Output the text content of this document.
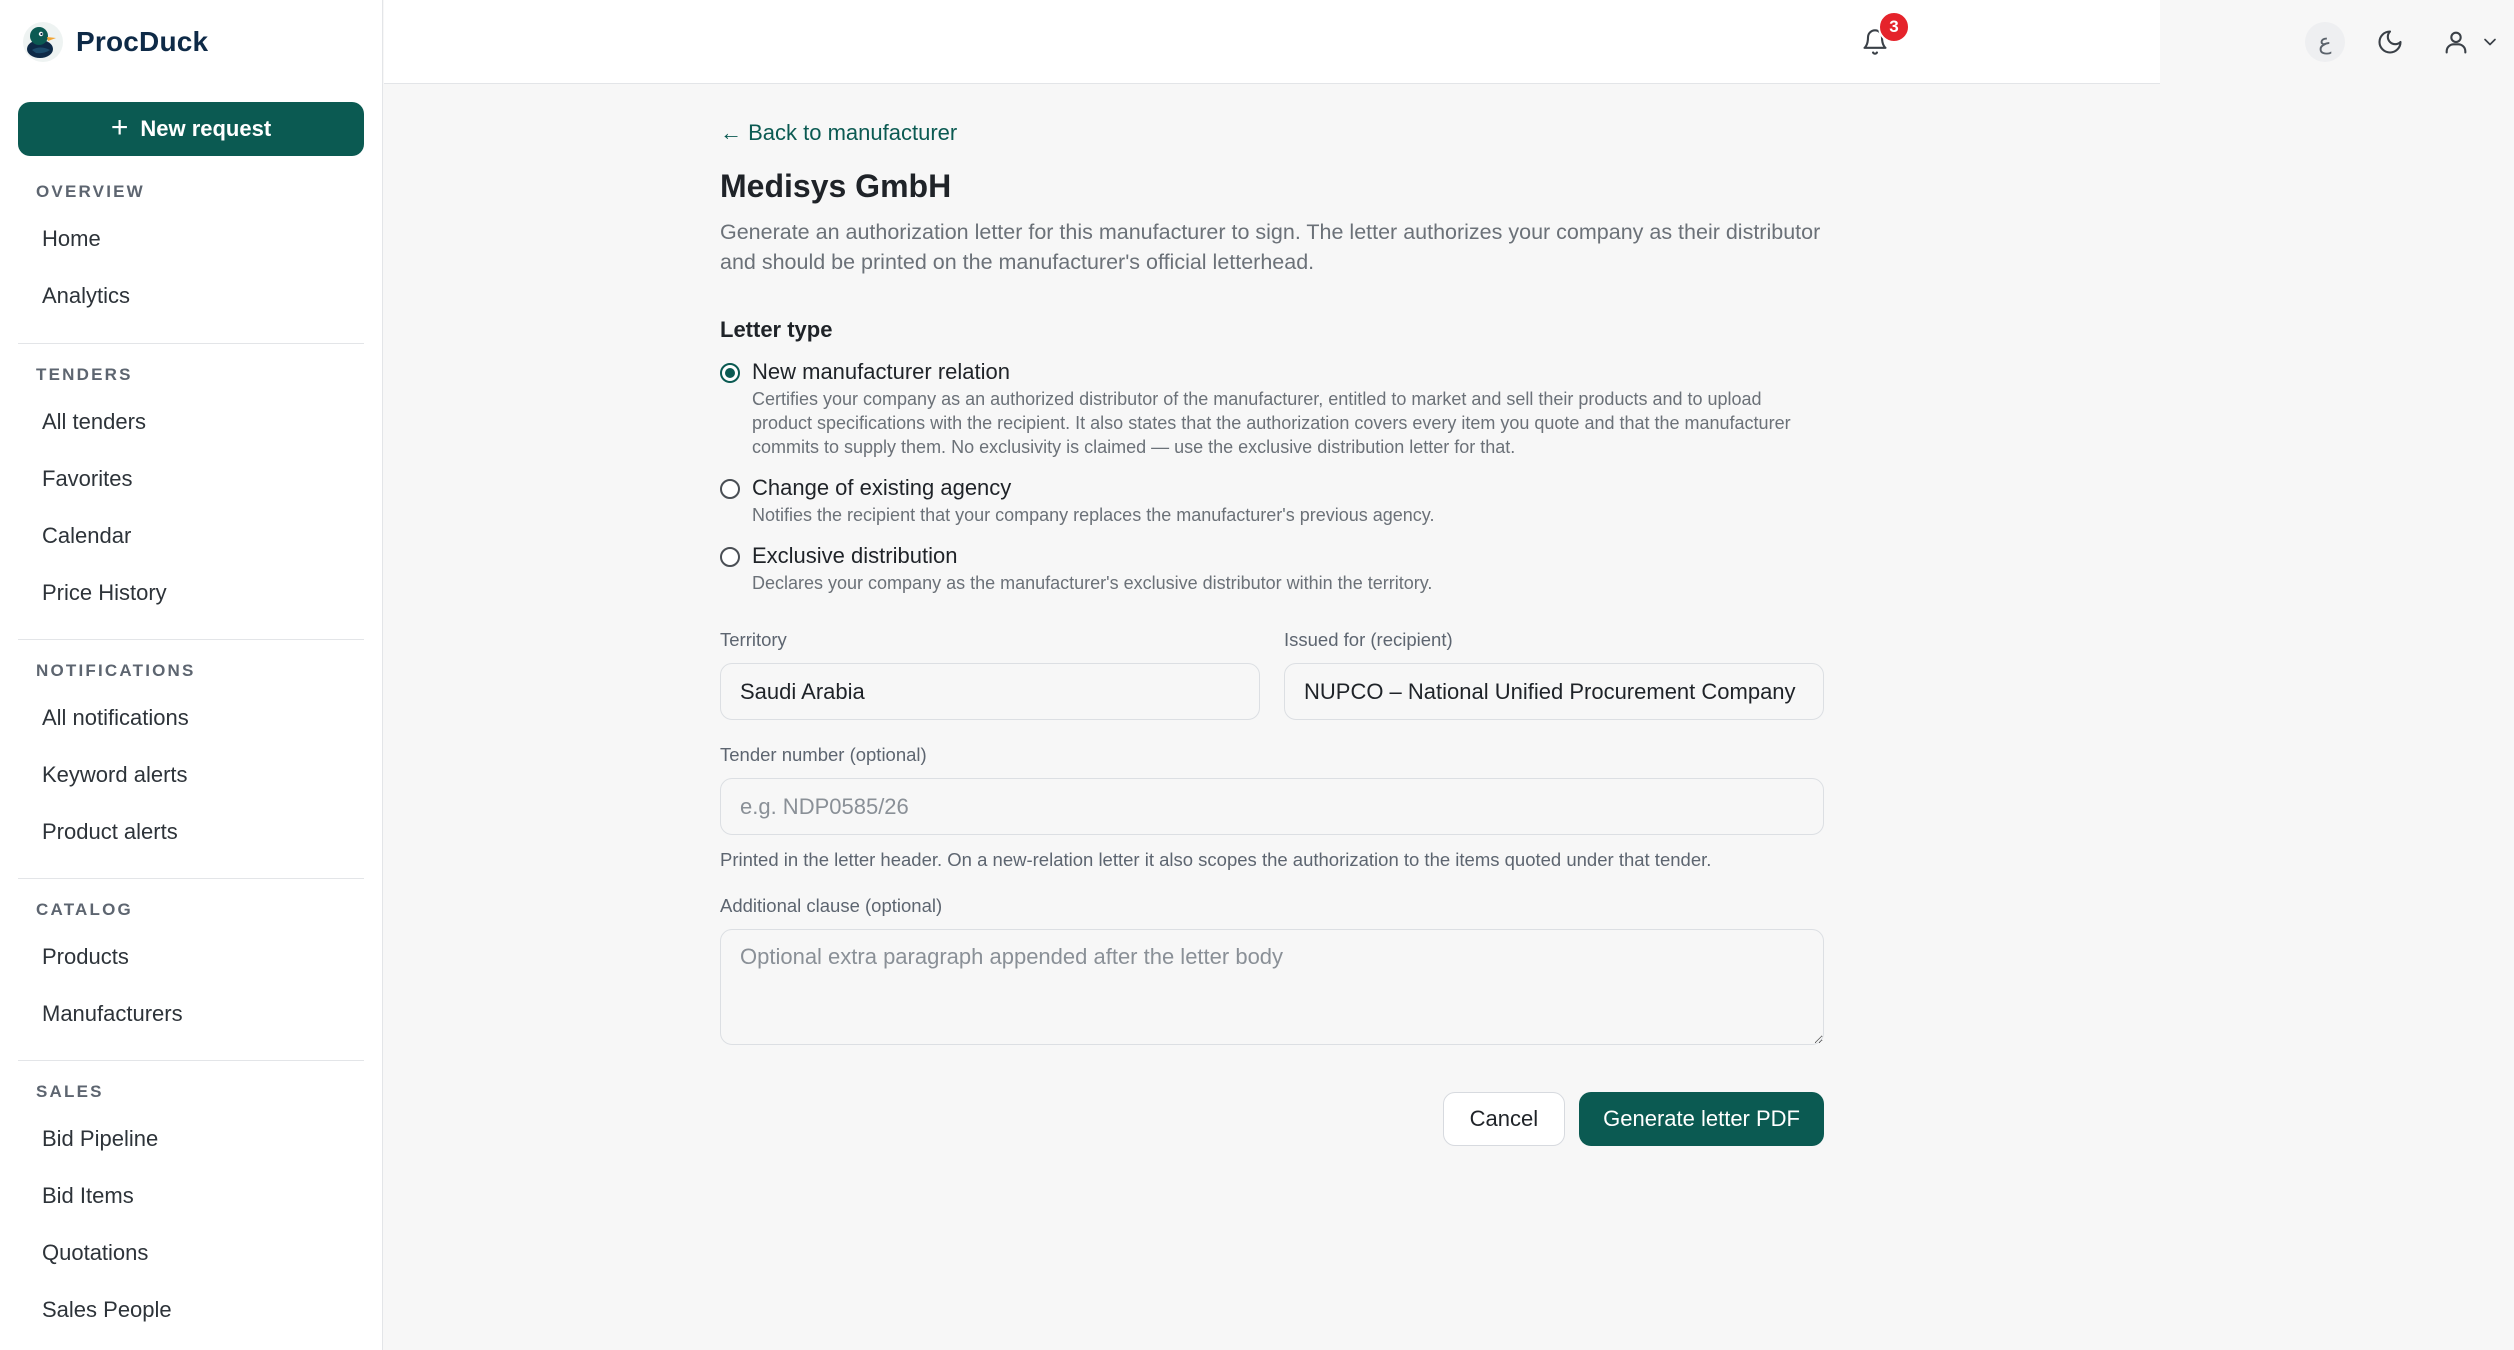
ProcDuck
+ New request
OVERVIEW
Home
Analytics
TENDERS
All tenders
Favorites
Calendar
Price History
NOTIFICATIONS
All notifications
Keyword alerts
Product alerts
CATALOG
Products
Manufacturers
SALES
Bid Pipeline
Bid Items
Quotations
Sales People
3
ع
← Back to manufacturer
Medisys GmbH

Generate an authorization letter for this manufacturer to sign. The letter authorizes your company as their distributor and should be printed on the manufacturer's official letterhead.

Letter type
New manufacturer relation
Certifies your company as an authorized distributor of the manufacturer, entitled to market and sell their products and to upload product specifications with the recipient. It also states that the authorization covers every item you quote and that the manufacturer commits to supply them. No exclusivity is claimed — use the exclusive distribution letter for that.
Change of existing agency
Notifies the recipient that your company replaces the manufacturer's previous agency.
Exclusive distribution
Declares your company as the manufacturer's exclusive distributor within the territory.
Territory
Saudi Arabia	Issued for (recipient)
NUPCO – National Unified Procurement Company
Tender number (optional)
e.g. NDP0585/26
Printed in the letter header. On a new-relation letter it also scopes the authorization to the items quoted under that tender.
Additional clause (optional)
Optional extra paragraph appended after the letter body
Cancel	Generate letter PDF
